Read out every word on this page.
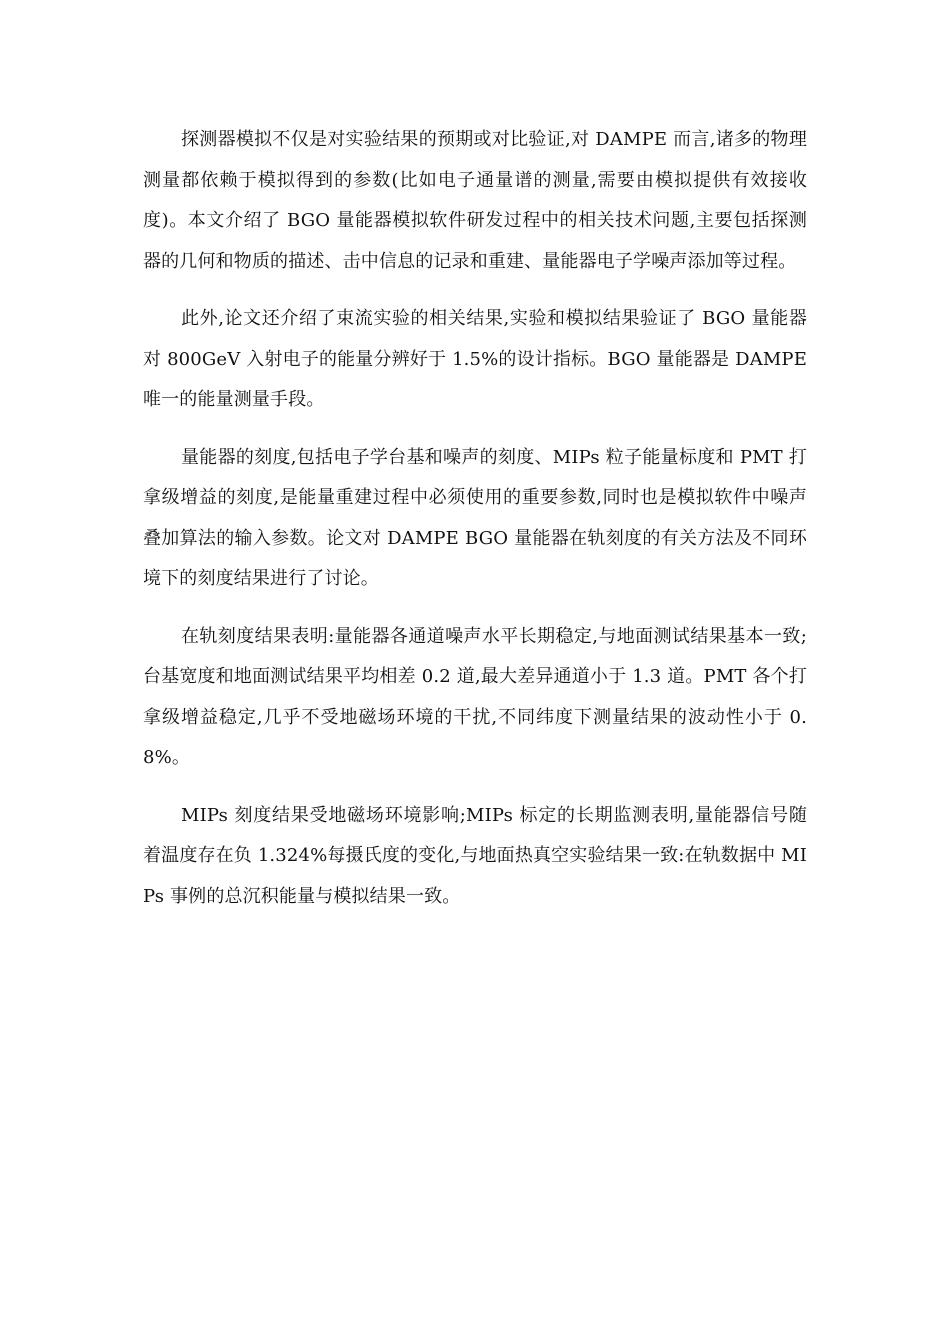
探测器模拟不仅是对实验结果的预期或对比验证,对 DAMPE 而言,诸多的物理测量都依赖于模拟得到的参数(比如电子通量谱的测量,需要由模拟提供有效接收度)。本文介绍了 BGO 量能器模拟软件研发过程中的相关技术问题,主要包括探测器的几何和物质的描述、击中信息的记录和重建、量能器电子学噪声添加等过程。

此外,论文还介绍了束流实验的相关结果,实验和模拟结果验证了 BGO 量能器对 800GeV 入射电子的能量分辨好于 1.5%的设计指标。BGO 量能器是 DAMPE 唯一的能量测量手段。

量能器的刻度,包括电子学台基和噪声的刻度、MIPs 粒子能量标度和 PMT 打拿级增益的刻度,是能量重建过程中必须使用的重要参数,同时也是模拟软件中噪声叠加算法的输入参数。论文对 DAMPE BGO 量能器在轨刻度的有关方法及不同环境下的刻度结果进行了讨论。

在轨刻度结果表明:量能器各通道噪声水平长期稳定,与地面测试结果基本一致;台基宽度和地面测试结果平均相差 0.2 道,最大差异通道小于 1.3 道。PMT 各个打拿级增益稳定,几乎不受地磁场环境的干扰,不同纬度下测量结果的波动性小于 0.8%。

MIPs 刻度结果受地磁场环境影响;MIPs 标定的长期监测表明,量能器信号随着温度存在负 1.324%每摄氏度的变化,与地面热真空实验结果一致:在轨数据中 MIPs 事例的总沉积能量与模拟结果一致。
